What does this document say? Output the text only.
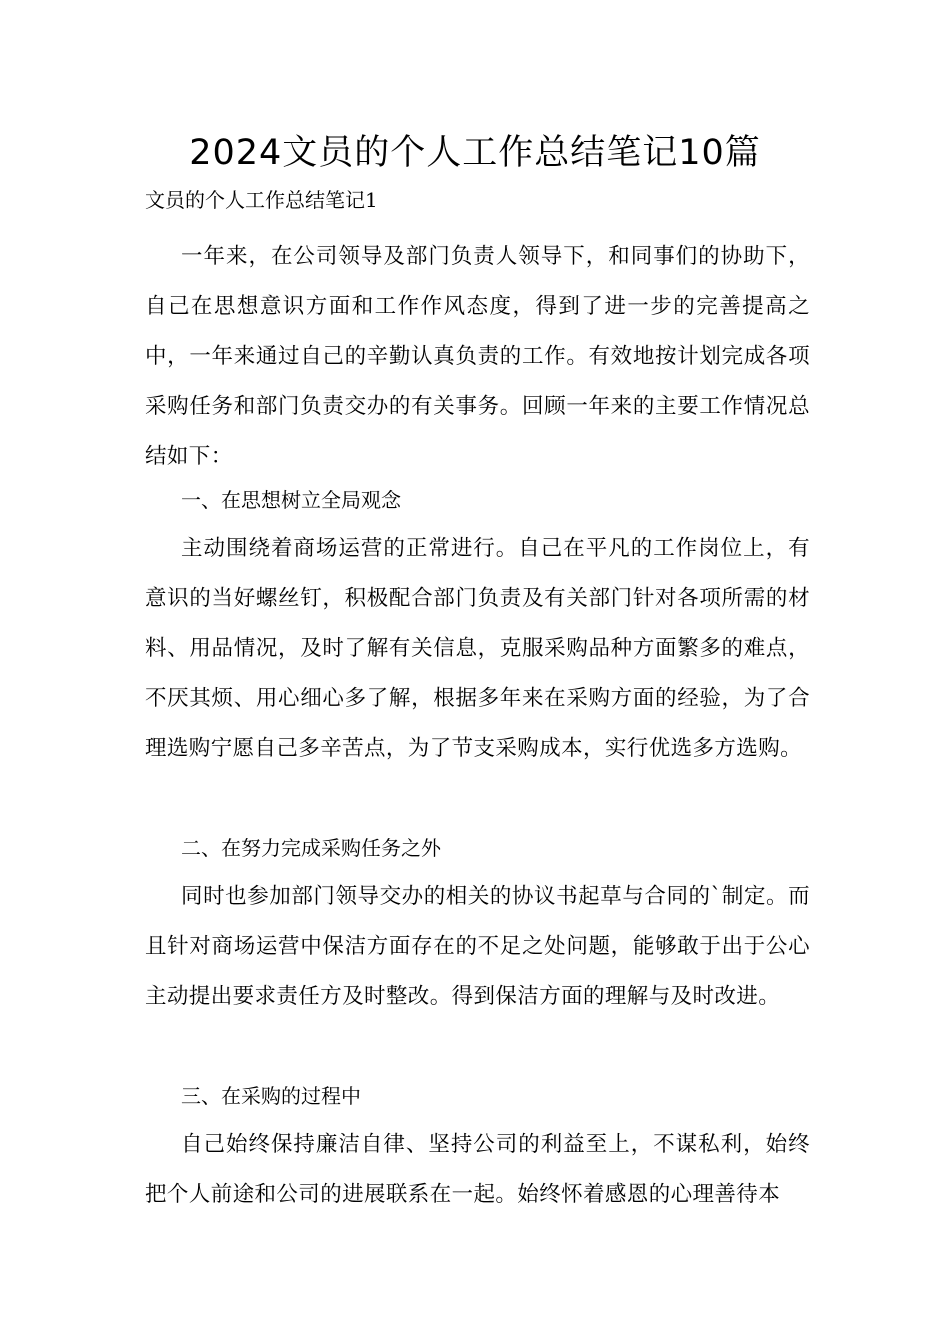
2024文员的个人工作总结笔记10篇

文员的个人工作总结笔记1

一年来，在公司领导及部门负责人领导下，和同事们的协助下，自己在思想意识方面和工作作风态度，得到了进一步的完善提高之中，一年来通过自己的辛勤认真负责的工作。有效地按计划完成各项采购任务和部门负责交办的有关事务。回顾一年来的主要工作情况总结如下：

一、在思想树立全局观念

主动围绕着商场运营的正常进行。自己在平凡的工作岗位上，有意识的当好螺丝钉，积极配合部门负责及有关部门针对各项所需的材料、用品情况，及时了解有关信息，克服采购品种方面繁多的难点，不厌其烦、用心细心多了解，根据多年来在采购方面的经验，为了合理选购宁愿自己多辛苦点，为了节支采购成本，实行优选多方选购。

二、在努力完成采购任务之外

同时也参加部门领导交办的相关的协议书起草与合同的`制定。而且针对商场运营中保洁方面存在的不足之处问题，能够敢于出于公心主动提出要求责任方及时整改。得到保洁方面的理解与及时改进。

三、在采购的过程中

自己始终保持廉洁自律、坚持公司的利益至上，不谋私利，始终把个人前途和公司的进展联系在一起。始终怀着感恩的心理善待本
